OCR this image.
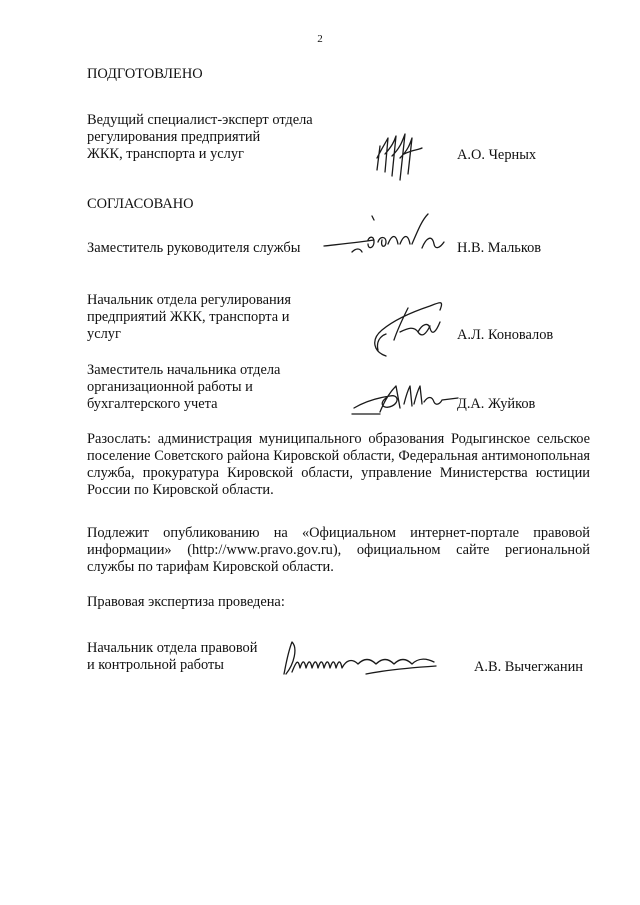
2
ПОДГОТОВЛЕНО
Ведущий специалист-эксперт отдела
регулирования предприятий
ЖКК, транспорта и услуг	А.О. Черных
СОГЛАСОВАНО
Заместитель руководителя службы	Н.В. Мальков
Начальник отдела регулирования
предприятий ЖКК, транспорта и
услуг	А.Л. Коновалов
Заместитель начальника отдела
организационной работы и
бухгалтерского учета	Д.А. Жуйков
Разослать: администрация муниципального образования Родыгинское сельское поселение Советского района Кировской области, Федеральная антимонопольная служба, прокуратура Кировской области, управление Министерства юстиции России по Кировской области.
Подлежит опубликованию на «Официальном интернет-портале правовой информации» (http://www.pravo.gov.ru), официальном сайте региональной службы по тарифам Кировской области.
Правовая экспертиза проведена:
Начальник отдела правовой
и контрольной работы	А.В. Вычегжанин
